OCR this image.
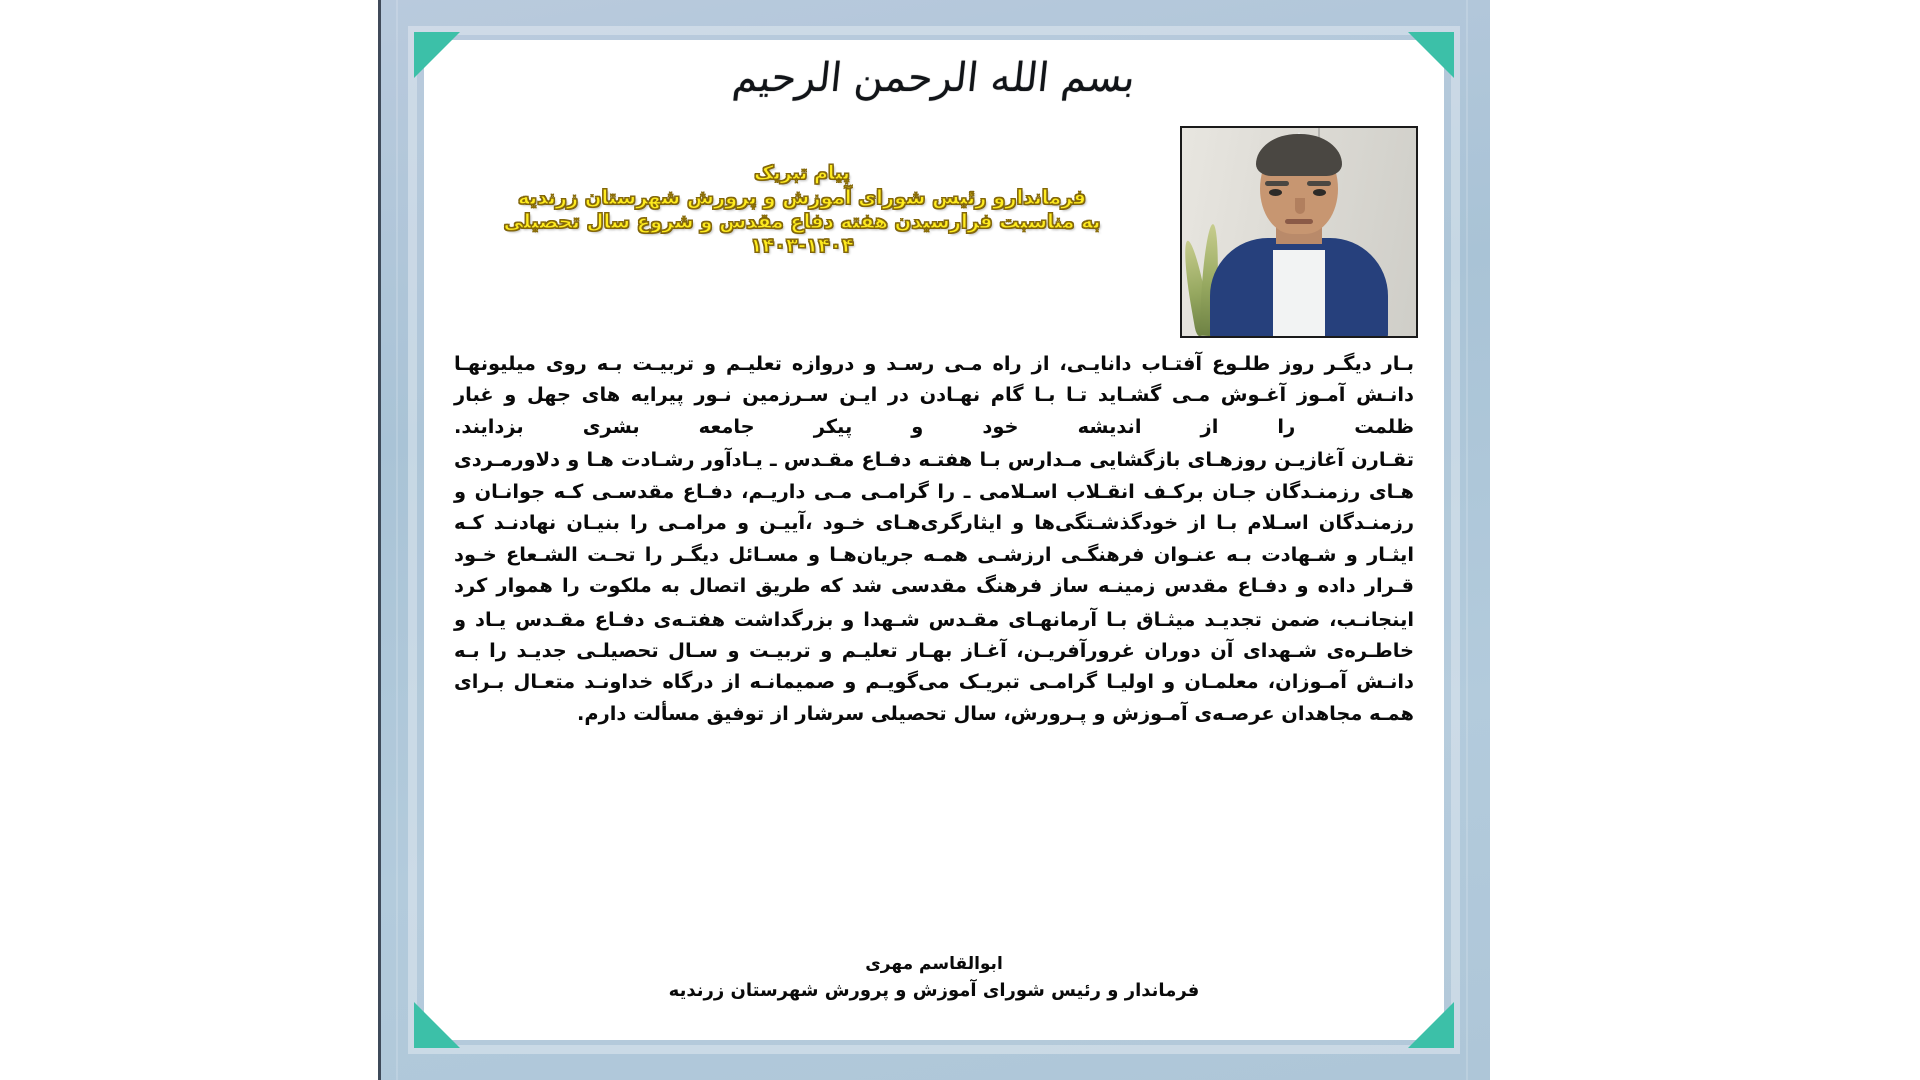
بسم الله الرحمن الرحیم
پیام تبریک
فرماندارو رئیس شورای آموزش و پرورش شهرستان زرندیه
به مناسبت فرارسیدن هفته دفاع مقدس و شروع سال تحصیلی
۱۴۰۳-۱۴۰۴

بـار دیگـر روز طلـوع آفتـاب دانایـی، از راه مـی رسـد و دروازه تعلیـم و تربیـت بـه روی میلیونهـا دانـش آمـوز آغـوش مـی گشـاید تـا بـا گام نهـادن در ایـن سـرزمین نـور پیرایه های جهل و غبار ظلمت را از اندیشه خود و پیکر جامعه بشری بزدایند.

تقـارن آغازیـن روزهـای بازگشایی مـدارس بـا هفتـه دفـاع مقـدس ـ یـادآور رشـادت هـا و دلاورمـردی هـای رزمنـدگان جـان برکـف انقـلاب اسـلامی ـ را گرامـی مـی داریـم، دفـاع مقدسـی کـه جوانـان و رزمنـدگان اسـلام بـا از خودگذشـتگی‌ها و ایثارگری‌هـای خـود ،آییـن و مرامـی را بنیـان نهادنـد کـه ایثـار و شـهادت بـه عنـوان فرهنگـی ارزشـی همـه جریان‌هـا و مسـائل دیگـر را تحـت الشـعاع خـود قـرار داده و دفـاع مقدس زمینـه ساز فرهنگ مقدسی شد که طریق اتصال به ملکوت را هموار کرد

اینجانـب، ضمن تجدیـد میثـاق بـا آرمانهـای مقـدس شـهدا و بزرگداشت هفتـه‌ی دفـاع مقـدس یـاد و خاطـره‌ی شـهدای آن دوران غرورآفریـن، آغـاز بهـار تعلیـم و تربیـت و سـال تحصیلـی جدیـد را بـه دانـش آمـوزان، معلمـان و اولیـا گرامـی تبریـک می‌گویـم و صمیمانـه از درگاه خداونـد متعـال بـرای همـه مجاهدان عرصـه‌ی آمـوزش و پـرورش، سال تحصیلی سرشار از توفیق مسألت دارم.

ابوالقاسم مهری
فرماندار و رئیس شورای آموزش و پرورش شهرستان زرندیه
